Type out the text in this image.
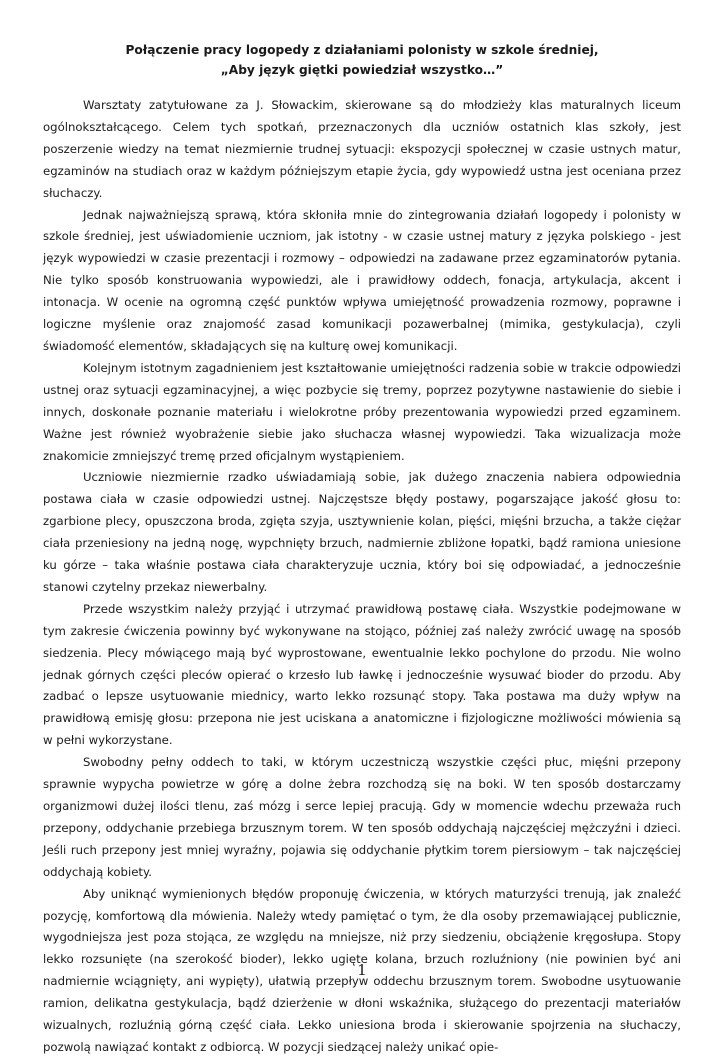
Połączenie pracy logopedy z działaniami polonisty w szkole średniej,
„Aby język giętki powiedział wszystko…”

Warsztaty zatytułowane za J. Słowackim, skierowane są do młodzieży klas maturalnych liceum ogólnokształcącego. Celem tych spotkań, przeznaczonych dla uczniów ostatnich klas szkoły, jest poszerzenie wiedzy na temat niezmiernie trudnej sytuacji: ekspozycji społecznej w czasie ustnych matur, egzaminów na studiach oraz w każdym późniejszym etapie życia, gdy wypowiedź ustna jest oceniana przez słuchaczy.

Jednak najważniejszą sprawą, która skłoniła mnie do zintegrowania działań logopedy i polonisty w szkole średniej, jest uświadomienie uczniom, jak istotny - w czasie ustnej matury z języka polskiego - jest język wypowiedzi w czasie prezentacji i rozmowy – odpowiedzi na zadawane przez egzaminatorów pytania. Nie tylko sposób konstruowania wypowiedzi, ale i prawidłowy oddech, fonacja, artykulacja, akcent i intonacja. W ocenie na ogromną część punktów wpływa umiejętność prowadzenia rozmowy, poprawne i logiczne myślenie oraz znajomość zasad komunikacji pozawerbalnej (mimika, gestykulacja), czyli świadomość elementów, składających się na kulturę owej komunikacji.

Kolejnym istotnym zagadnieniem jest kształtowanie umiejętności radzenia sobie w trakcie odpowiedzi ustnej oraz sytuacji egzaminacyjnej, a więc pozbycie się tremy, poprzez pozytywne nastawienie do siebie i innych, doskonałe poznanie materiału i wielokrotne próby prezentowania wypowiedzi przed egzaminem. Ważne jest również wyobrażenie siebie jako słuchacza własnej wypowiedzi. Taka wizualizacja może znakomicie zmniejszyć tremę przed oficjalnym wystąpieniem.

Uczniowie niezmiernie rzadko uświadamiają sobie, jak dużego znaczenia nabiera odpowiednia postawa ciała w czasie odpowiedzi ustnej. Najczęstsze błędy postawy, pogarszające jakość głosu to: zgarbione plecy, opuszczona broda, zgięta szyja, usztywnienie kolan, pięści, mięśni brzucha, a także ciężar ciała przeniesiony na jedną nogę, wypchnięty brzuch, nadmiernie zbliżone łopatki, bądź ramiona uniesione ku górze – taka właśnie postawa ciała charakteryzuje ucznia, który boi się odpowiadać, a jednocześnie stanowi czytelny przekaz niewerbalny.

Przede wszystkim należy przyjąć i utrzymać prawidłową postawę ciała. Wszystkie podejmowane w tym zakresie ćwiczenia powinny być wykonywane na stojąco, później zaś należy zwrócić uwagę na sposób siedzenia. Plecy mówiącego mają być wyprostowane, ewentualnie lekko pochylone do przodu. Nie wolno jednak górnych części pleców opierać o krzesło lub ławkę i jednocześnie wysuwać bioder do przodu. Aby zadbać o lepsze usytuowanie miednicy, warto lekko rozsunąć stopy. Taka postawa ma duży wpływ na prawidłową emisję głosu: przepona nie jest uciskana a anatomiczne i fizjologiczne możliwości mówienia są w pełni wykorzystane.

Swobodny pełny oddech to taki, w którym uczestniczą wszystkie części płuc, mięśni przepony sprawnie wypycha powietrze w górę a dolne żebra rozchodzą się na boki. W ten sposób dostarczamy organizmowi dużej ilości tlenu, zaś mózg i serce lepiej pracują. Gdy w momencie wdechu przeważa ruch przepony, oddychanie przebiega brzusznym torem. W ten sposób oddychają najczęściej mężczyźni i dzieci. Jeśli ruch przepony jest mniej wyraźny, pojawia się oddychanie płytkim torem piersiowym – tak najczęściej oddychają kobiety.

Aby uniknąć wymienionych błędów proponuję ćwiczenia, w których maturzyści trenują, jak znaleźć pozycję, komfortową dla mówienia. Należy wtedy pamiętać o tym, że dla osoby przemawiającej publicznie, wygodniejsza jest poza stojąca, ze względu na mniejsze, niż przy siedzeniu, obciążenie kręgosłupa. Stopy lekko rozsunięte (na szerokość bioder), lekko ugięte kolana, brzuch rozluźniony (nie powinien być ani nadmiernie wciągnięty, ani wypięty), ułatwią przepływ oddechu brzusznym torem. Swobodne usytuowanie ramion, delikatna gestykulacja, bądź dzierżenie w dłoni wskaźnika, służącego do prezentacji materiałów wizualnych, rozluźnią górną część ciała. Lekko uniesiona broda i skierowanie spojrzenia na słuchaczy, pozwolą nawiązać kontakt z odbiorcą. W pozycji siedzącej należy unikać opie-

1
